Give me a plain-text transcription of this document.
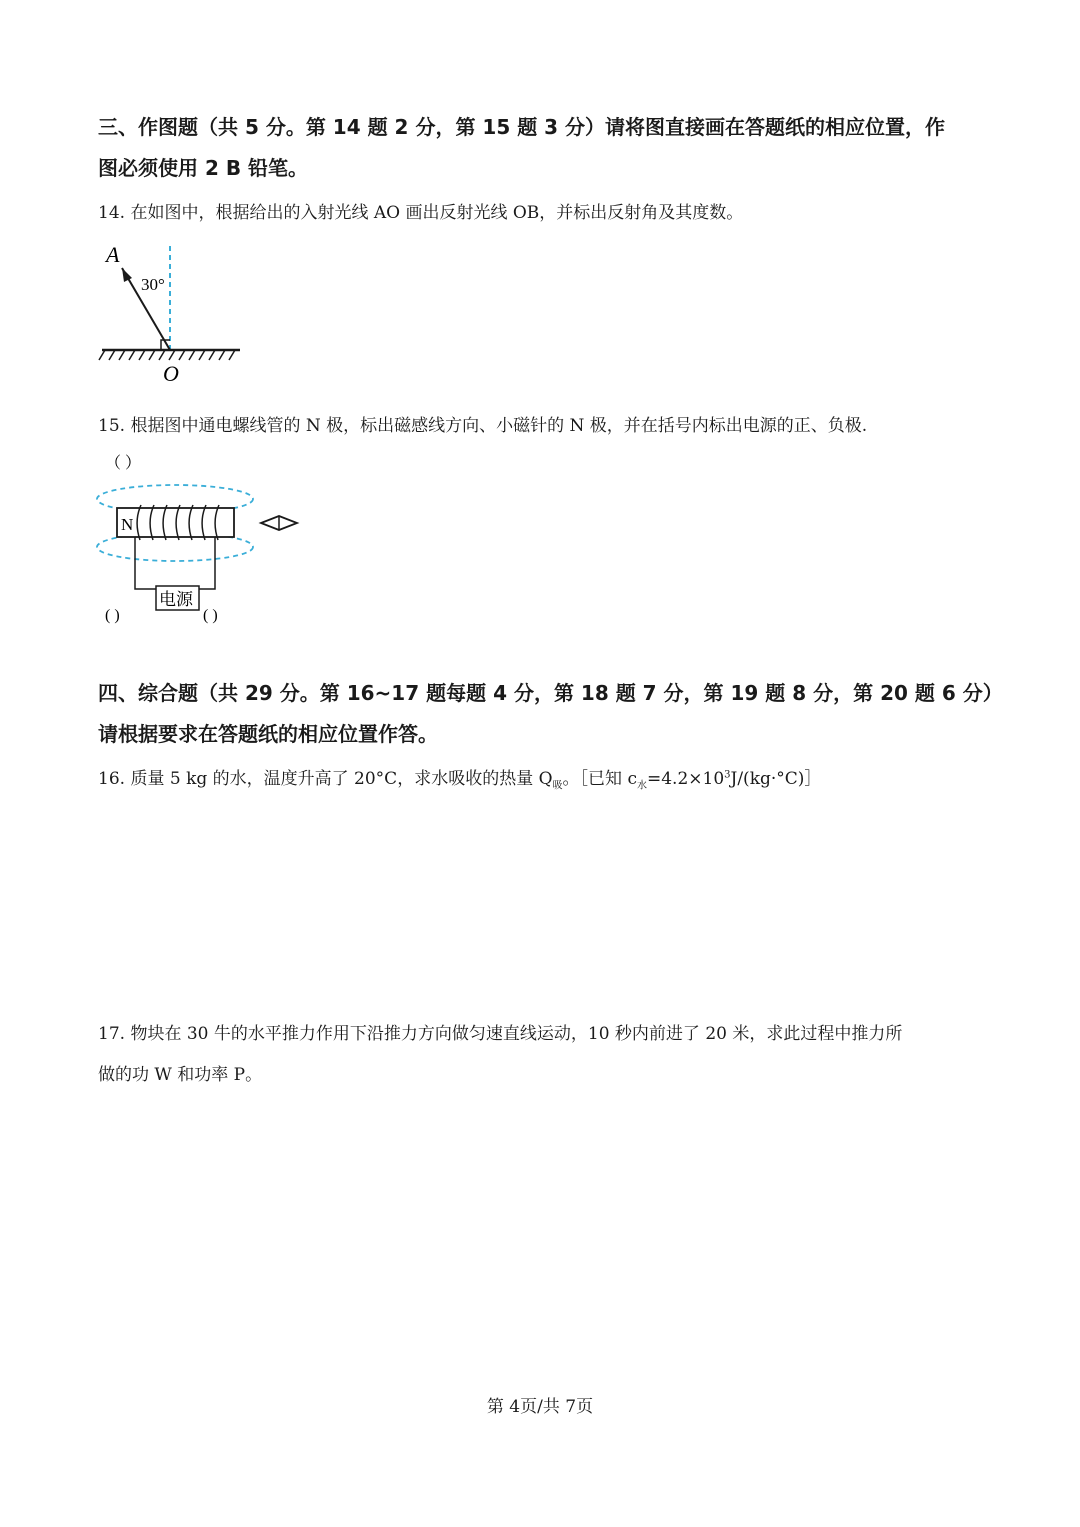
三、作图题（共 5 分。第 14 题 2 分，第 15 题 3 分）请将图直接画在答题纸的相应位置，作
图必须使用 2 B 铅笔。
14. 在如图中，根据给出的入射光线 AO 画出反射光线 OB，并标出反射角及其度数。
A
30°
O
15. 根据图中通电螺线管的 N 极，标出磁感线方向、小磁针的 N 极，并在括号内标出电源的正、负极.
（ ）
N
电源
( )	( )
四、综合题（共 29 分。第 16~17 题每题 4 分，第 18 题 7 分，第 19 题 8 分，第 20 题 6 分）
请根据要求在答题纸的相应位置作答。
16. 质量 5 kg 的水，温度升高了 20°C，求水吸收的热量 $Q_吸$。［已知 $c_水=4.2\times 10^3J/(kg\cdot^\circ C)]$
17. 物块在 30 牛的水平推力作用下沿推力方向做匀速直线运动，10 秒内前进了 20 米，求此过程中推力所
做的功 W 和功率 P。
第 4页/共 7页
